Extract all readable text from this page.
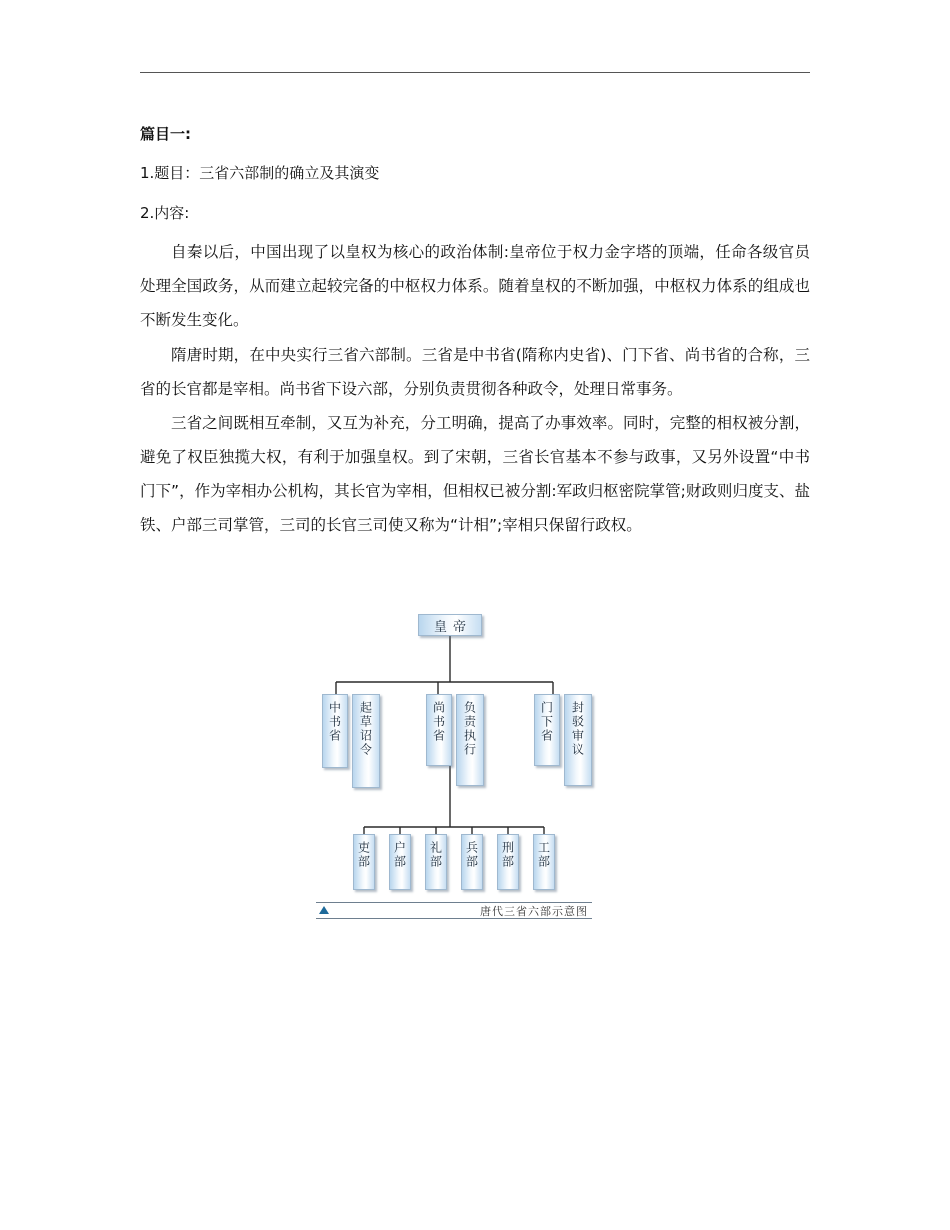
篇目一:
1.题目：三省六部制的确立及其演变
2.内容:
自秦以后，中国出现了以皇权为核心的政治体制:皇帝位于权力金字塔的顶端，任命各级官员处理全国政务，从而建立起较完备的中枢权力体系。随着皇权的不断加强，中枢权力体系的组成也不断发生变化。
隋唐时期，在中央实行三省六部制。三省是中书省(隋称内史省)、门下省、尚书省的合称，三省的长官都是宰相。尚书省下设六部，分别负责贯彻各种政令，处理日常事务。
三省之间既相互牵制，又互为补充，分工明确，提高了办事效率。同时，完整的相权被分割，避免了权臣独揽大权，有利于加强皇权。到了宋朝，三省长官基本不参与政事，又另外设置“中书门下”，作为宰相办公机构，其长官为宰相，但相权已被分割:军政归枢密院掌管;财政则归度支、盐铁、户部三司掌管，三司的长官三司使又称为“计相”;宰相只保留行政权。
皇帝
中书省 起草诏令	尚书省 负责执行	门下省 封驳审议
吏部 户部 礼部 兵部 刑部 工部
唐代三省六部示意图
